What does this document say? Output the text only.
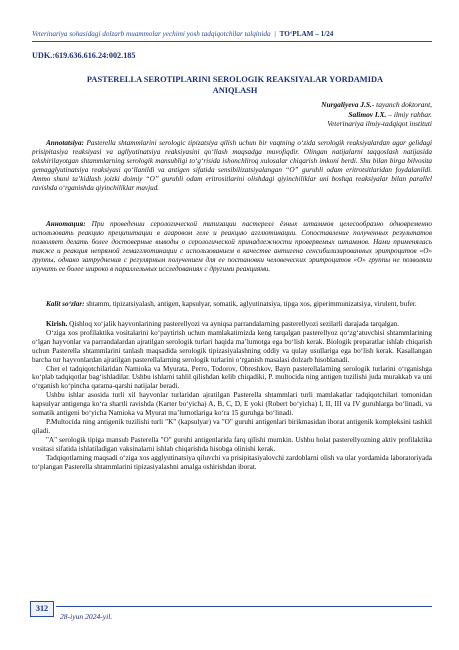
Veterinariya sohasidagi dolzarb muammolar yechimi yosh tadqiqotchilar talqinida | TO‘PLAM – 1/24
UDK.:619.636.616.24:002.185
PASTERELLA SEROTIPLARINI SEROLOGIK REAKSIYALAR YORDAMIDA
ANIQLASH
Nurgaliyeva J.S.- tayanch doktorant,
Salimov I.X. – ilmiy rahbar.
Veterinariya ilmiy-tadqiqot instituti

Annotatsiya: Pasterella shtammlarini serologic tipizatsiya qilish uchun bir vaqtning o‘zida serologik reaksiyalardan agar gelidagi prisipitasiya reaksiyasi va agllyutinatsiya reaksiyasini qo‘llash maqsadga muvofiqdir. Olingan natijalarni taqqoslash natijasida tekshirilayotgan shtammlarning serologik mansubligi to‘g‘risida ishonchliroq xulosalar chiqarish imkoni berdi. Shu bilan birga bilvosita gemagglyutinatsiya reaksiyasi qo‘llanildi va antigen sifatida sensibilizatsiyalangan “O” guruhli odam eritrotsitlaridan foydalanildi. Ammo shuni ta’kidlash joizki doimiy “O” guruhli odam eritrositlarini olishdagi qiyinchiliklar uni boshqa reaksiyalar bilan parallel ravishda o‘rganishda qiyinchiliklar mavjud.

Аннотация: При проведении серологической типизации пастерелл ёзных штаммов целесообразно одновременно использовать реакцию преципитации в агаровом геле и реакцию агглютинации. Сопоставление полученных результатов позволяет делать более достоверные выводы о серологической принадлежности проверяемых штаммов. Нами применялась также и реакция непрямой гемагглютинации с использованием в качестве антигена сенсибилизированных эритроцитов «О» группы, однако затруднения с регулярным получением для ее постановки человеческих эритроцитов «О» группы не позволяли изучить ее более широко в параллельных исследованиях с другими реакциями.

Kalit so‘zlar: shtamm, tipizatsiyalash, antigen, kapsulyar, somatik, aglyutinatsiya, tipga xos, giperimmunizatsiya, virulent, bufer.

Kirish. Qishloq xo‘jalik hayvonlarining pasterellyozi va ayniqsa parrandalarning pasterellyozi sezilarli darajada tarqalgan.

O‘ziga xos profilaktika vositalarini ko‘paytirish uchun mamlakatimizda keng tarqalgan pasterellyoz qo‘zg‘atuvchisi shtammlarining o‘lgan hayvonlar va parrandalardan ajratilgan serologik turlari haqida ma’lumotga ega bo‘lish kerak. Biologik preparatlar ishlab chiqarish uchun Pasterella shtammlarini tanlash maqsadida serologik tipizasiyalashning oddiy va qulay usullariga ega bo‘lish kerak. Kasallangan barcha tur hayvonlardan ajratilgan pasterellalarning serologik turlarini o‘rganish masalasi dolzarb hisoblanadi.

Chet el tadqiqotchilaridan Namioka va Myurata, Perro, Todorov, Obreshkov, Bayn pasterellalarning serologik turlarini o‘rganishga ko‘plab tadqiqotlar bag‘ishladilar. Ushbu ishlarni tahlil qilishdan kelib chiqadiki, P. multocida ning antigen tuzilishi juda murakkab va uni o‘rganish ko‘pincha qarama-qarshi natijalar beradi.

Ushbu ishlar asosida turli xil hayvonlar turlaridan ajratilgan Pasterella shtammlari turli mamlakatlar tadqiqotchilari tomonidan kapsulyar antigenga ko‘ra shartli ravishda (Karter bo‘yicha) A, B, C, D, E yoki (Robert bo‘yicha) I, II, III va IV guruhlarga bo‘linadi, va somatik antigeni bo‘yicha Namioka va Myurat ma’lumotlariga ko‘ra 15 guruhga bo‘linadi.

P.Multocida ning antigenik tuzilishi turli "K" (kapsulyar) va "O" guruhi antigenlari birikmasidan iborat antigenik kompleksini tashkil qiladi.

"A" serologik tipiga mansub Pasterella "O" guruhi antigenlarida farq qilishi mumkin. Ushbu holat pasterellyozning aktiv profilaktika vositasi sifatida ishlatiladigan vaksinalarni ishlab chiqarishda hisobga olinishi kerak.

Tadqiqotlarning maqsadi o‘ziga xos agglyutinatsiya qiluvchi va prisipitasiyalovchi zardoblarni olish va ular yordamida laboratoriyada to‘plangan Pasterella shtammlarini tipizasiyalashni amalga oshirishdan iborat.

312
28-iyun 2024-yil.
